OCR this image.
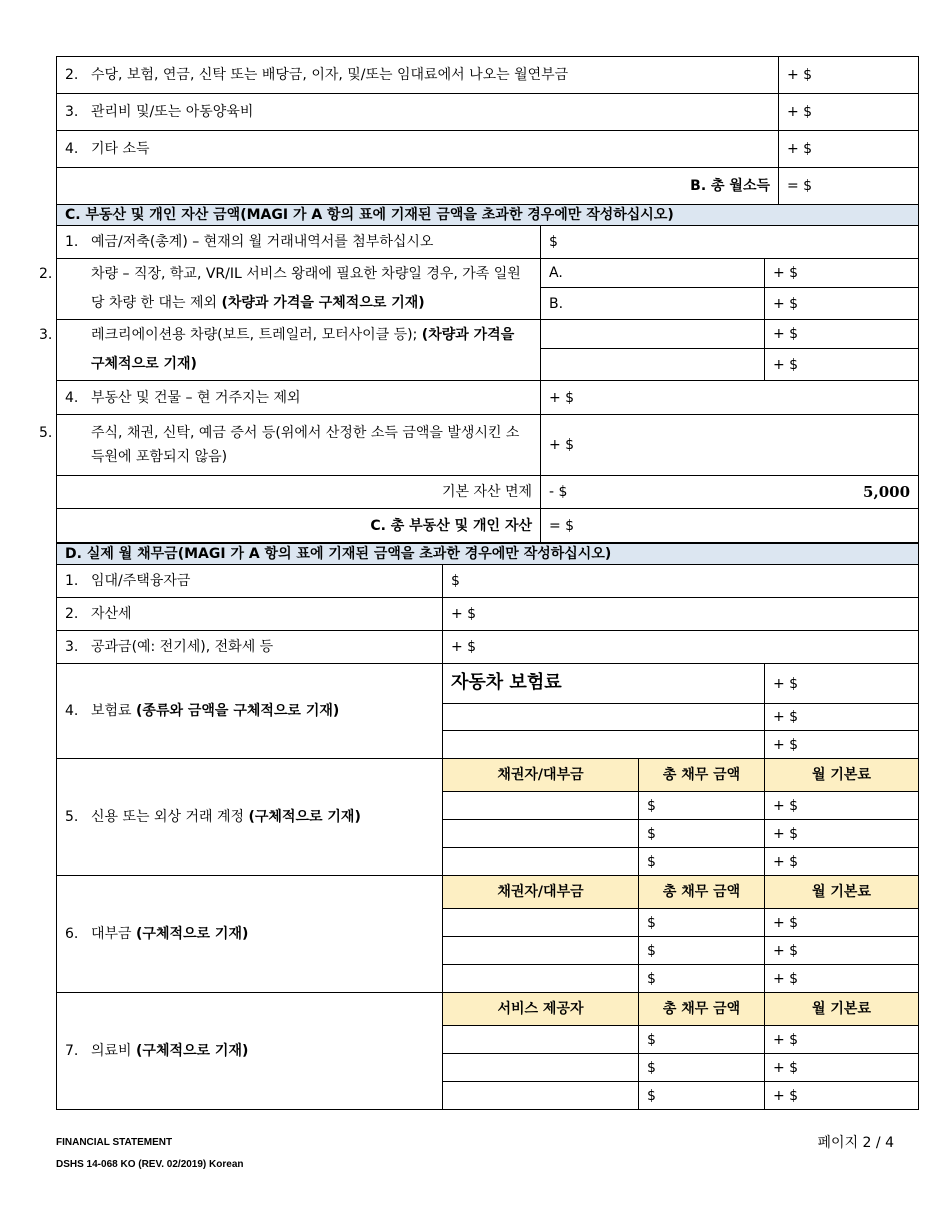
2. 수당, 보험, 연금, 신탁 또는 배당금, 이자, 및/또는 임대료에서 나오는 월연부금	+ $
3. 관리비 및/또는 아동양육비	+ $
4. 기타 소득	+ $
B. 총 월소득	= $
C. 부동산 및 개인 자산 금액(MAGI 가 A 항의 표에 기재된 금액을 초과한 경우에만 작성하십시오)		
1. 예금/저축(총계) – 현재의 월 거래내역서를 첨부하십시오	$	
2. 차량 – 직장, 학교, VR/IL 서비스 왕래에 필요한 차량일 경우, 가족 일원당 차량 한 대는 제외 (차량과 가격을 구체적으로 기재)	A.	+ $
	B.	+ $
3. 레크리에이션용 차량(보트, 트레일러, 모터사이클 등); (차량과 가격을 구체적으로 기재)		+ $
		+ $
4. 부동산 및 건물 – 현 거주지는 제외	+ $	
5. 주식, 채권, 신탁, 예금 증서 등(위에서 산정한 소득 금액을 발생시킨 소득원에 포함되지 않음)	+ $	
기본 자산 면제	- $ 5,000	

C. 총 부동산 및 개인 자산	= $	
D. 실제 월 채무금(MAGI 가 A 항의 표에 기재된 금액을 초과한 경우에만 작성하십시오)			
1. 임대/주택융자금	$		
2. 자산세	+ $		
3. 공과금(예: 전기세), 전화세 등	+ $		
4. 보험료 (종류와 금액을 구체적으로 기재)	자동차 보험료		+ $
			+ $
			+ $
5. 신용 또는 외상 거래 계정 (구체적으로 기재)	채권자/대부금	총 채무 금액	월 기본료
		$	+ $
		$	+ $
		$	+ $
6. 대부금 (구체적으로 기재)	채권자/대부금	총 채무 금액	월 기본료
		$	+ $
		$	+ $
		$	+ $
7. 의료비 (구체적으로 기재)	서비스 제공자	총 채무 금액	월 기본료
		$	+ $
		$	+ $
		$	+ $
FINANCIAL STATEMENT
DSHS 14-068 KO (REV. 02/2019) Korean
페이지 2 / 4
